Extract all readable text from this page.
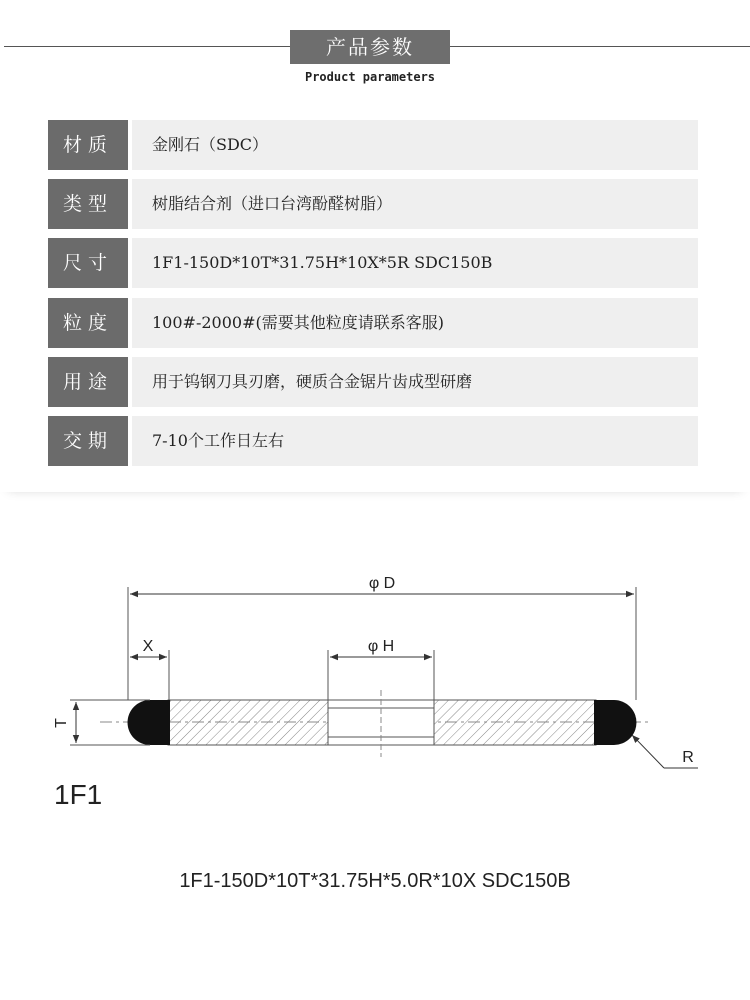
产品参数
Product parameters
材质	金刚石（SDC）
类型	树脂结合剂（进口台湾酚醛树脂）
尺寸	1F1-150D*10T*31.75H*10X*5R SDC150B
粒度	100#-2000#(需要其他粒度请联系客服)
用途	用于钨钢刀具刃磨，硬质合金锯片齿成型研磨
交期	7-10个工作日左右
φ D
φ H
X
T
R
1F1
1F1-150D*10T*31.75H*5.0R*10X SDC150B
